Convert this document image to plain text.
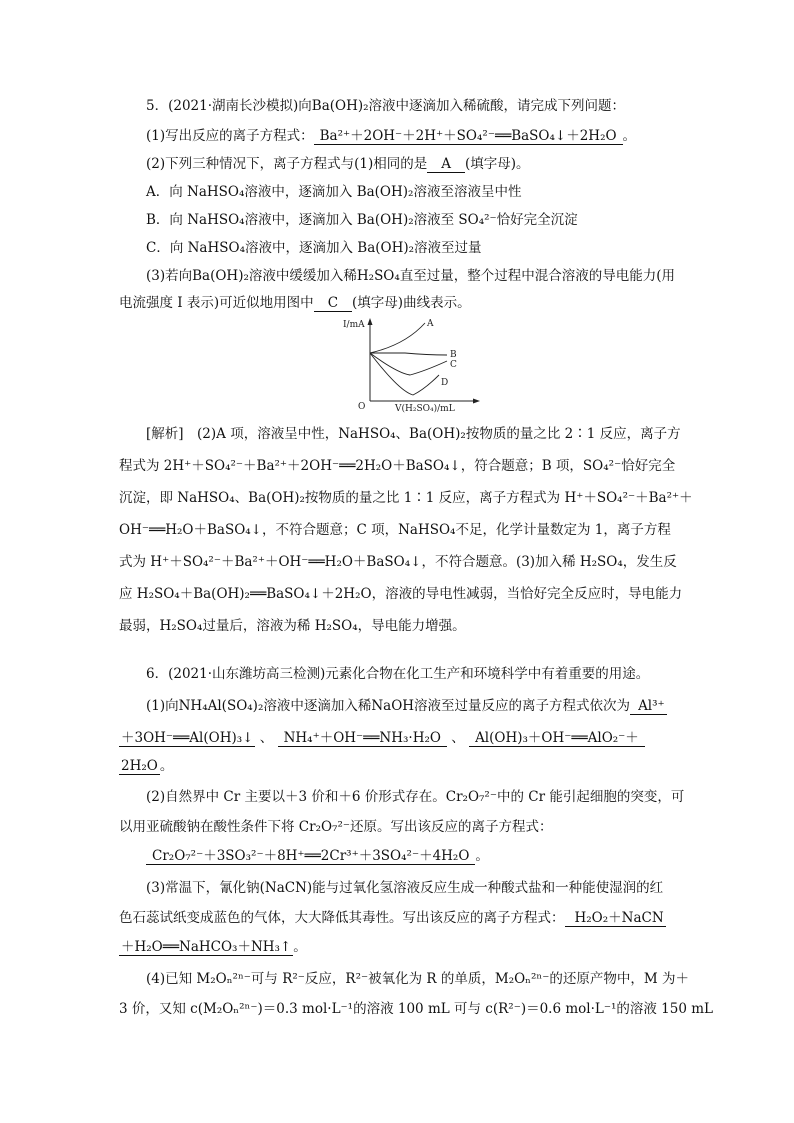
5．(2021·湖南长沙模拟)向Ba(OH)₂溶液中逐滴加入稀硫酸，请完成下列问题：
(1)写出反应的离子方程式： Ba²⁺＋2OH⁻＋2H⁺＋SO₄²⁻══BaSO₄↓＋2H₂O 。
(2)下列三种情况下，离子方程式与(1)相同的是 A (填字母)。
A．向 NaHSO₄溶液中，逐滴加入 Ba(OH)₂溶液至溶液呈中性
B．向 NaHSO₄溶液中，逐滴加入 Ba(OH)₂溶液至 SO₄²⁻恰好完全沉淀
C．向 NaHSO₄溶液中，逐滴加入 Ba(OH)₂溶液至过量
(3)若向Ba(OH)₂溶液中缓缓加入稀H₂SO₄直至过量，整个过程中混合溶液的导电能力(用
电流强度 I 表示)可近似地用图中 C (填字母)曲线表示。
I/mA
V(H₂SO₄)/mL
O
A
B
C
D
[解析]　(2)A 项，溶液呈中性，NaHSO₄、Ba(OH)₂按物质的量之比 2∶1 反应，离子方
程式为 2H⁺＋SO₄²⁻＋Ba²⁺＋2OH⁻══2H₂O＋BaSO₄↓，符合题意；B 项，SO₄²⁻恰好完全
沉淀，即 NaHSO₄、Ba(OH)₂按物质的量之比 1∶1 反应，离子方程式为 H⁺＋SO₄²⁻＋Ba²⁺＋
OH⁻══H₂O＋BaSO₄↓，不符合题意；C 项，NaHSO₄不足，化学计量数定为 1，离子方程
式为 H⁺＋SO₄²⁻＋Ba²⁺＋OH⁻══H₂O＋BaSO₄↓，不符合题意。(3)加入稀 H₂SO₄，发生反
应 H₂SO₄＋Ba(OH)₂══BaSO₄↓＋2H₂O，溶液的导电性减弱，当恰好完全反应时，导电能力
最弱，H₂SO₄过量后，溶液为稀 H₂SO₄，导电能力增强。
6．(2021·山东潍坊高三检测)元素化合物在化工生产和环境科学中有着重要的用途。
(1)向NH₄Al(SO₄)₂溶液中逐滴加入稀NaOH溶液至过量反应的离子方程式依次为 Al³⁺
＋3OH⁻══Al(OH)₃↓ 、 NH₄⁺＋OH⁻══NH₃·H₂O 、 Al(OH)₃＋OH⁻══AlO₂⁻＋
2H₂O 。
(2)自然界中 Cr 主要以＋3 价和＋6 价形式存在。Cr₂O₇²⁻中的 Cr 能引起细胞的突变，可
以用亚硫酸钠在酸性条件下将 Cr₂O₇²⁻还原。写出该反应的离子方程式：
Cr₂O₇²⁻＋3SO₃²⁻＋8H⁺══2Cr³⁺＋3SO₄²⁻＋4H₂O 。
(3)常温下，氰化钠(NaCN)能与过氧化氢溶液反应生成一种酸式盐和一种能使湿润的红
色石蕊试纸变成蓝色的气体，大大降低其毒性。写出该反应的离子方程式： H₂O₂＋NaCN
＋H₂O══NaHCO₃＋NH₃↑ 。
(4)已知 M₂Oₙ²ⁿ⁻可与 R²⁻反应，R²⁻被氧化为 R 的单质，M₂Oₙ²ⁿ⁻的还原产物中，M 为＋
3 价，又知 c(M₂Oₙ²ⁿ⁻)＝0.3 mol·L⁻¹的溶液 100 mL 可与 c(R²⁻)＝0.6 mol·L⁻¹的溶液 150 mL
